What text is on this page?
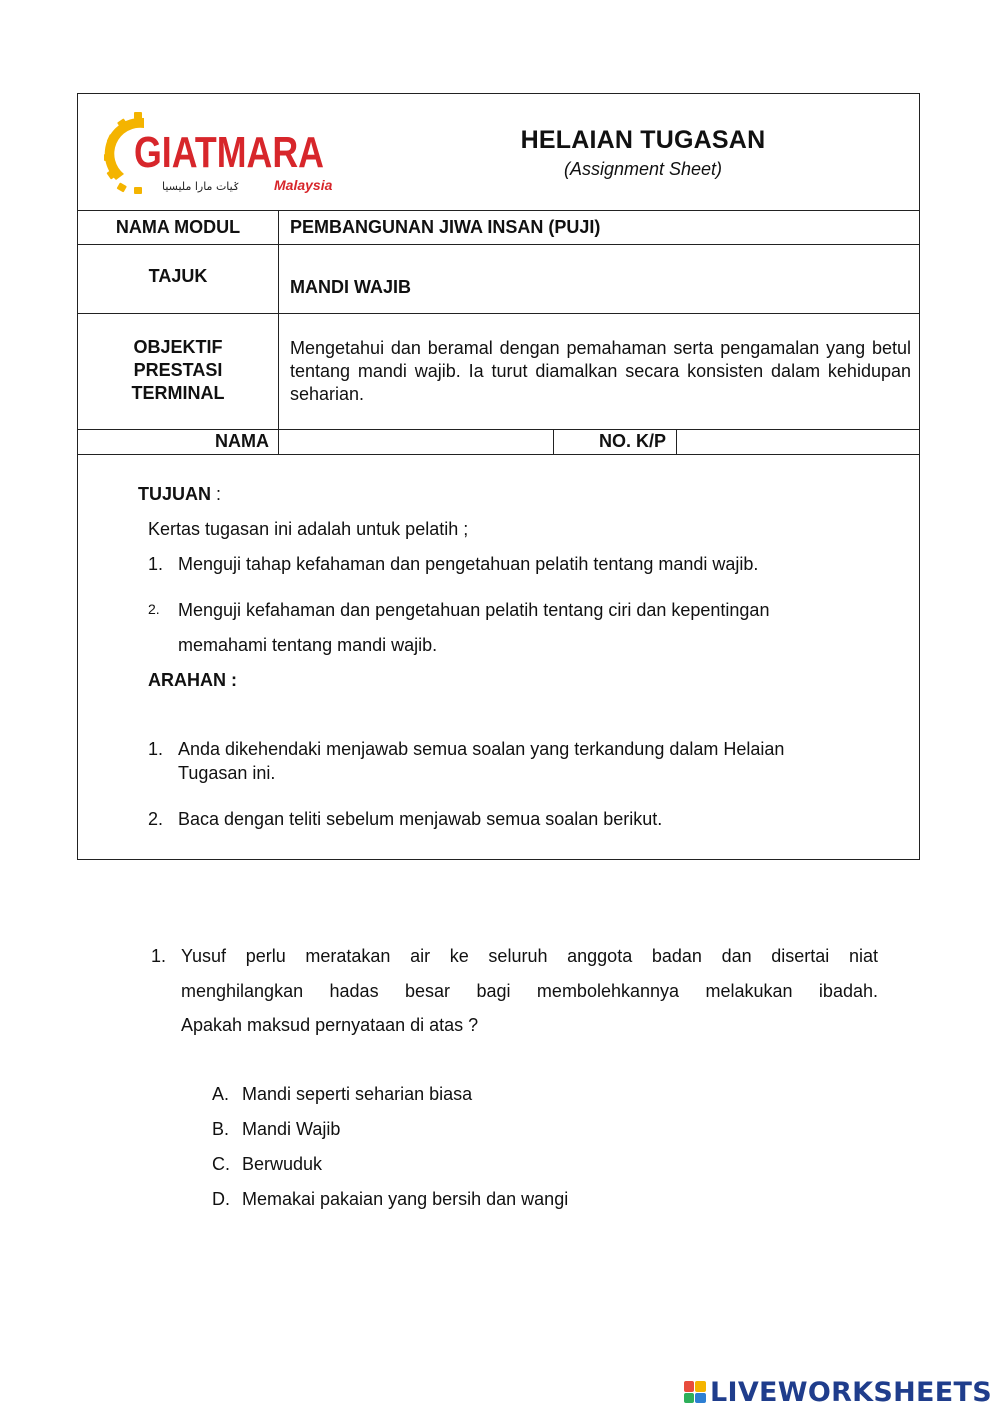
GIATMARA
ݢيات مارا مليسيا Malaysia
HELAIAN TUGASAN
(Assignment Sheet)
NAMA MODUL	PEMBANGUNAN JIWA INSAN (PUJI)
TAJUK
MANDI WAJIB
OBJEKTIF
PRESTASI
TERMINAL
Mengetahui dan beramal dengan pemahaman serta pengamalan yang betul tentang mandi wajib. Ia turut diamalkan secara konsisten dalam kehidupan seharian.
NAMA	NO. K/P
TUJUAN :
Kertas tugasan ini adalah untuk pelatih ;
1. Menguji tahap kefahaman dan pengetahuan pelatih tentang mandi wajib.
2. Menguji kefahaman dan pengetahuan pelatih tentang ciri dan kepentingan
memahami tentang mandi wajib.
ARAHAN :
1. Anda dikehendaki menjawab semua soalan yang terkandung dalam Helaian
Tugasan ini.
2. Baca dengan teliti sebelum menjawab semua soalan berikut.
1. Yusuf perlu meratakan air ke seluruh anggota badan dan disertai niat
menghilangkan hadas besar bagi membolehkannya melakukan ibadah.
Apakah maksud pernyataan di atas ?
A. Mandi seperti seharian biasa
B. Mandi Wajib
C. Berwuduk
D. Memakai pakaian yang bersih dan wangi
LIVEWORKSHEETS
